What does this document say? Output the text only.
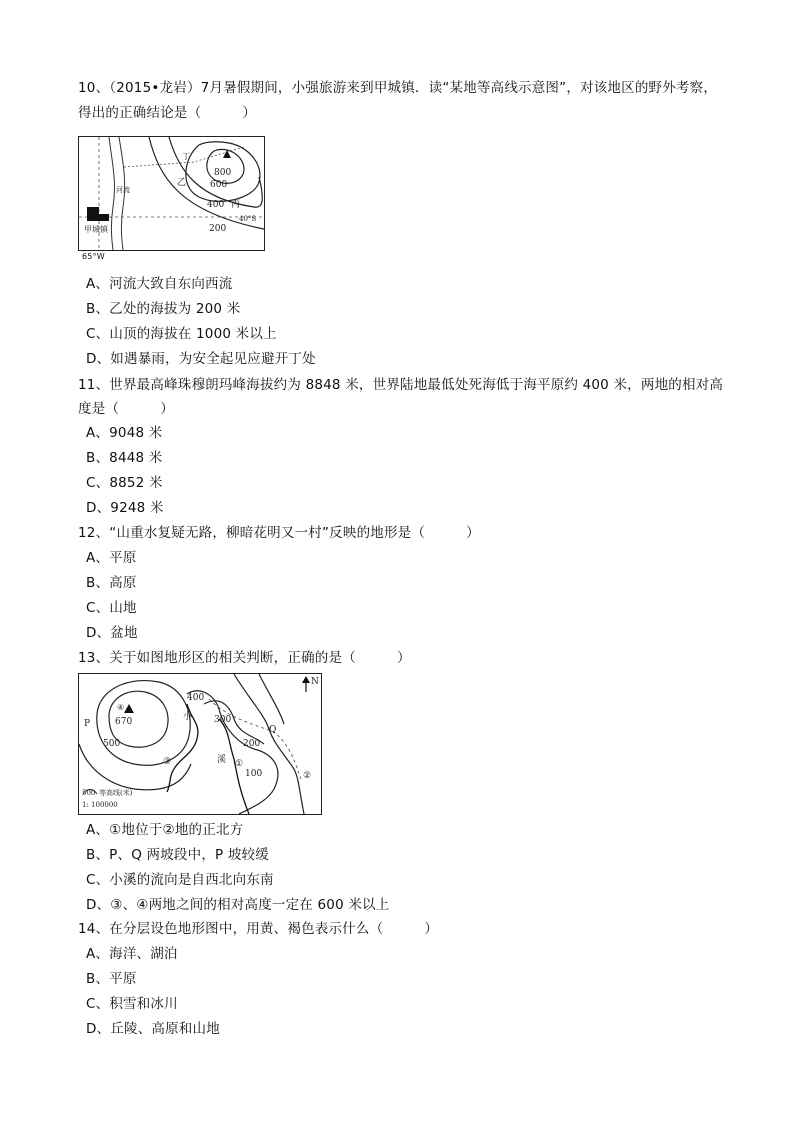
10、（2015•龙岩）7月暑假期间，小强旅游来到甲城镇．读“某地等高线示意图”，对该地区的野外考察，
得出的正确结论是（　　　）
河流
甲城镇
800
600
400
200
丁
乙
丙
40°S
65°W
A、河流大致自东向西流
B、乙处的海拔为 200 米
C、山顶的海拔在 1000 米以上
D、如遇暴雨，为安全起见应避开丁处
11、世界最高峰珠穆朗玛峰海拔约为 8848 米，世界陆地最低处死海低于海平原约 400 米，两地的相对高
度是（　　　）
A、9048 米
B、8448 米
C、8852 米
D、9248 米
12、“山重水复疑无路，柳暗花明又一村”反映的地形是（　　　）
A、平原
B、高原
C、山地
D、盆地
13、关于如图地形区的相关判断，正确的是（　　　）
670
500
④
P
N
400
300
200
100
小
溪
Q
①
②
③
500 等高线(米)
1: 100000
A、①地位于②地的正北方
B、P、Q 两坡段中，P 坡较缓
C、小溪的流向是自西北向东南
D、③、④两地之间的相对高度一定在 600 米以上
14、在分层设色地形图中，用黄、褐色表示什么（　　　）
A、海洋、湖泊
B、平原
C、积雪和冰川
D、丘陵、高原和山地
